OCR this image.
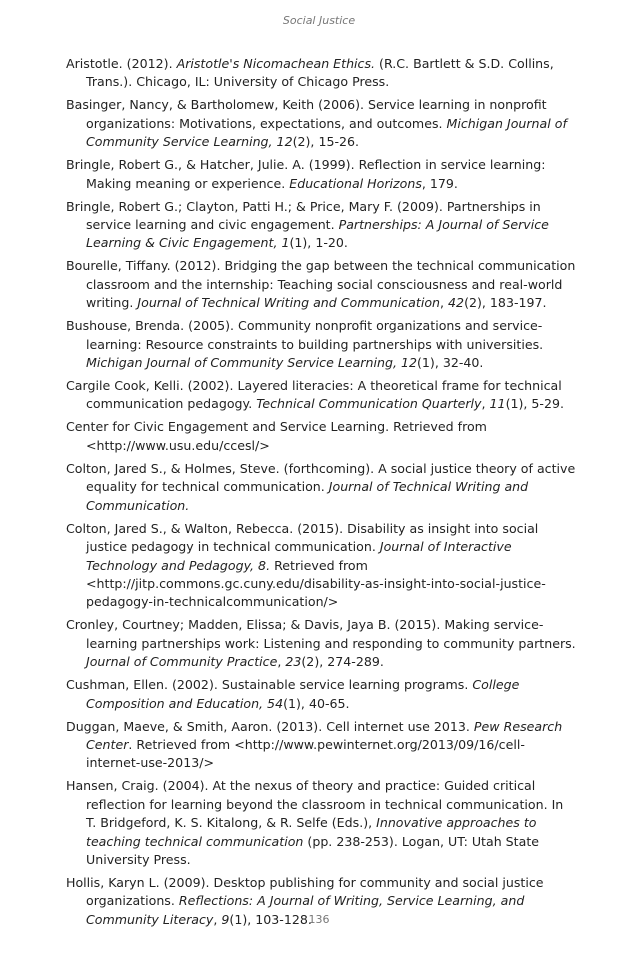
Social Justice
Aristotle. (2012). Aristotle's Nicomachean Ethics. (R.C. Bartlett & S.D. Collins, Trans.). Chicago, IL: University of Chicago Press.
Basinger, Nancy, & Bartholomew, Keith (2006). Service learning in nonprofit organizations: Motivations, expectations, and outcomes. Michigan Journal of Community Service Learning, 12(2), 15-26.
Bringle, Robert G., & Hatcher, Julie. A. (1999). Reflection in service learning: Making meaning or experience. Educational Horizons, 179.
Bringle, Robert G.; Clayton, Patti H.; & Price, Mary F. (2009). Partnerships in service learning and civic engagement. Partnerships: A Journal of Service Learning & Civic Engagement, 1(1), 1-20.
Bourelle, Tiffany. (2012). Bridging the gap between the technical communication classroom and the internship: Teaching social consciousness and real-world writing. Journal of Technical Writing and Communication, 42(2), 183-197.
Bushouse, Brenda. (2005). Community nonprofit organizations and service-learning: Resource constraints to building partnerships with universities. Michigan Journal of Community Service Learning, 12(1), 32-40.
Cargile Cook, Kelli. (2002). Layered literacies: A theoretical frame for technical communication pedagogy. Technical Communication Quarterly, 11(1), 5-29.
Center for Civic Engagement and Service Learning. Retrieved from <http://www.usu.edu/ccesl/>
Colton, Jared S., & Holmes, Steve. (forthcoming). A social justice theory of active equality for technical communication. Journal of Technical Writing and Communication.
Colton, Jared S., & Walton, Rebecca. (2015). Disability as insight into social justice pedagogy in technical communication. Journal of Interactive Technology and Pedagogy, 8. Retrieved from <http://jitp.commons.gc.cuny.edu/disability-as-insight-into-social-justice-pedagogy-in-technicalcommunication/>
Cronley, Courtney; Madden, Elissa; & Davis, Jaya B. (2015). Making service-learning partnerships work: Listening and responding to community partners. Journal of Community Practice, 23(2), 274-289.
Cushman, Ellen. (2002). Sustainable service learning programs. College Composition and Education, 54(1), 40-65.
Duggan, Maeve, & Smith, Aaron. (2013). Cell internet use 2013. Pew Research Center. Retrieved from <http://www.pewinternet.org/2013/09/16/cell-internet-use-2013/>
Hansen, Craig. (2004). At the nexus of theory and practice: Guided critical reflection for learning beyond the classroom in technical communication. In T. Bridgeford, K. S. Kitalong, & R. Selfe (Eds.), Innovative approaches to teaching technical communication (pp. 238-253). Logan, UT: Utah State University Press.
Hollis, Karyn L. (2009). Desktop publishing for community and social justice organizations. Reflections: A Journal of Writing, Service Learning, and Community Literacy, 9(1), 103-128.
136
